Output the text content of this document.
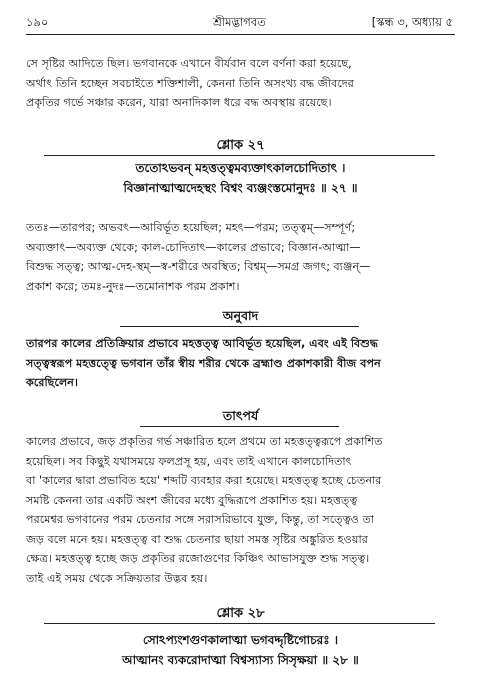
১৯০	শ্রীমদ্ভাগবত	[স্কন্ধ ৩, অধ্যায় ৫
সে সৃষ্টির আদিতে ছিল। ভগবানকে এখানে বীর্যবান বলে বর্ণনা করা হয়েছে,
অর্থাৎ তিনি হচ্ছেন সবচাইতে শক্তিশালী, কেননা তিনি অসংখ্য বদ্ধ জীবদের
প্রকৃতির গর্ভে সঞ্চার করেন, যারা অনাদিকাল ধরে বদ্ধ অবস্থায় রয়েছে।
শ্লোক ২৭
ততোঽভবন্ মহত্তত্ত্বমব্যক্তাৎকালচোদিতাৎ ।
বিজ্ঞানাত্মাত্মদেহস্থং বিশ্বং ব্যঞ্জংস্তমোনুদঃ ॥ ২৭ ॥
ততঃ—তারপর; অভবৎ—আবির্ভূত হয়েছিল; মহৎ—পরম; তত্ত্বম্—সম্পূর্ণ;
অব্যক্তাৎ—অব্যক্ত থেকে; কাল-চোদিতাৎ—কালের প্রভাবে; বিজ্ঞান-আত্মা—
বিশুদ্ধ সত্ত্ব; আত্ম-দেহ-স্থম্—স্ব-শরীরে অবস্থিত; বিশ্বম্—সমগ্র জগৎ; ব্যঞ্জন্—
প্রকাশ করে; তমঃ-নুদঃ—তমোনাশক পরম প্রকাশ।
অনুবাদ
তারপর কালের প্রতিক্রিয়ার প্রভাবে মহত্তত্ত্ব আবির্ভূত হয়েছিল, এবং এই বিশুদ্ধ
সত্ত্বস্বরূপ মহত্তত্ত্বে ভগবান তাঁর স্বীয় শরীর থেকে ব্রহ্মাণ্ড প্রকাশকারী বীজ বপন
করেছিলেন।
তাৎপর্য
কালের প্রভাবে, জড় প্রকৃতির গর্ভ সঞ্চারিত হলে প্রথমে তা মহত্তত্ত্বরূপে প্রকাশিত
হয়েছিল। সব কিছুই যথাসময়ে ফলপ্রসূ হয়, এবং তাই এখানে কালচোদিতাৎ
বা 'কালের দ্বারা প্রভাবিত হয়ে' শব্দটি ব্যবহার করা হয়েছে। মহত্তত্ত্ব হচ্ছে চেতনার
সমষ্টি কেননা তার একটি অংশ জীবের মধ্যে বুদ্ধিরূপে প্রকাশিত হয়। মহত্তত্ত্ব
পরমেশ্বর ভগবানের পরম চেতনার সঙ্গে সরাসরিভাবে যুক্ত, কিন্তু, তা সত্ত্বেও তা
জড় বলে মনে হয়। মহত্তত্ত্ব বা শুদ্ধ চেতনার ছায়া সমস্ত সৃষ্টির অঙ্কুরিত হওয়ার
ক্ষেত্র। মহত্তত্ত্ব হচ্ছে জড় প্রকৃতির রজোগুণের কিঞ্চিৎ আভাসযুক্ত শুদ্ধ সত্ত্ব।
তাই এই সময় থেকে সক্রিয়তার উদ্ভব হয়।
শ্লোক ২৮
সোঽপ্যংশগুণকালাত্মা ভগবদ্দৃষ্টিগোচরঃ ।
আত্মানং ব্যকরোদাত্মা বিশ্বস্যাস্য সিসৃক্ষয়া ॥ ২৮ ॥
